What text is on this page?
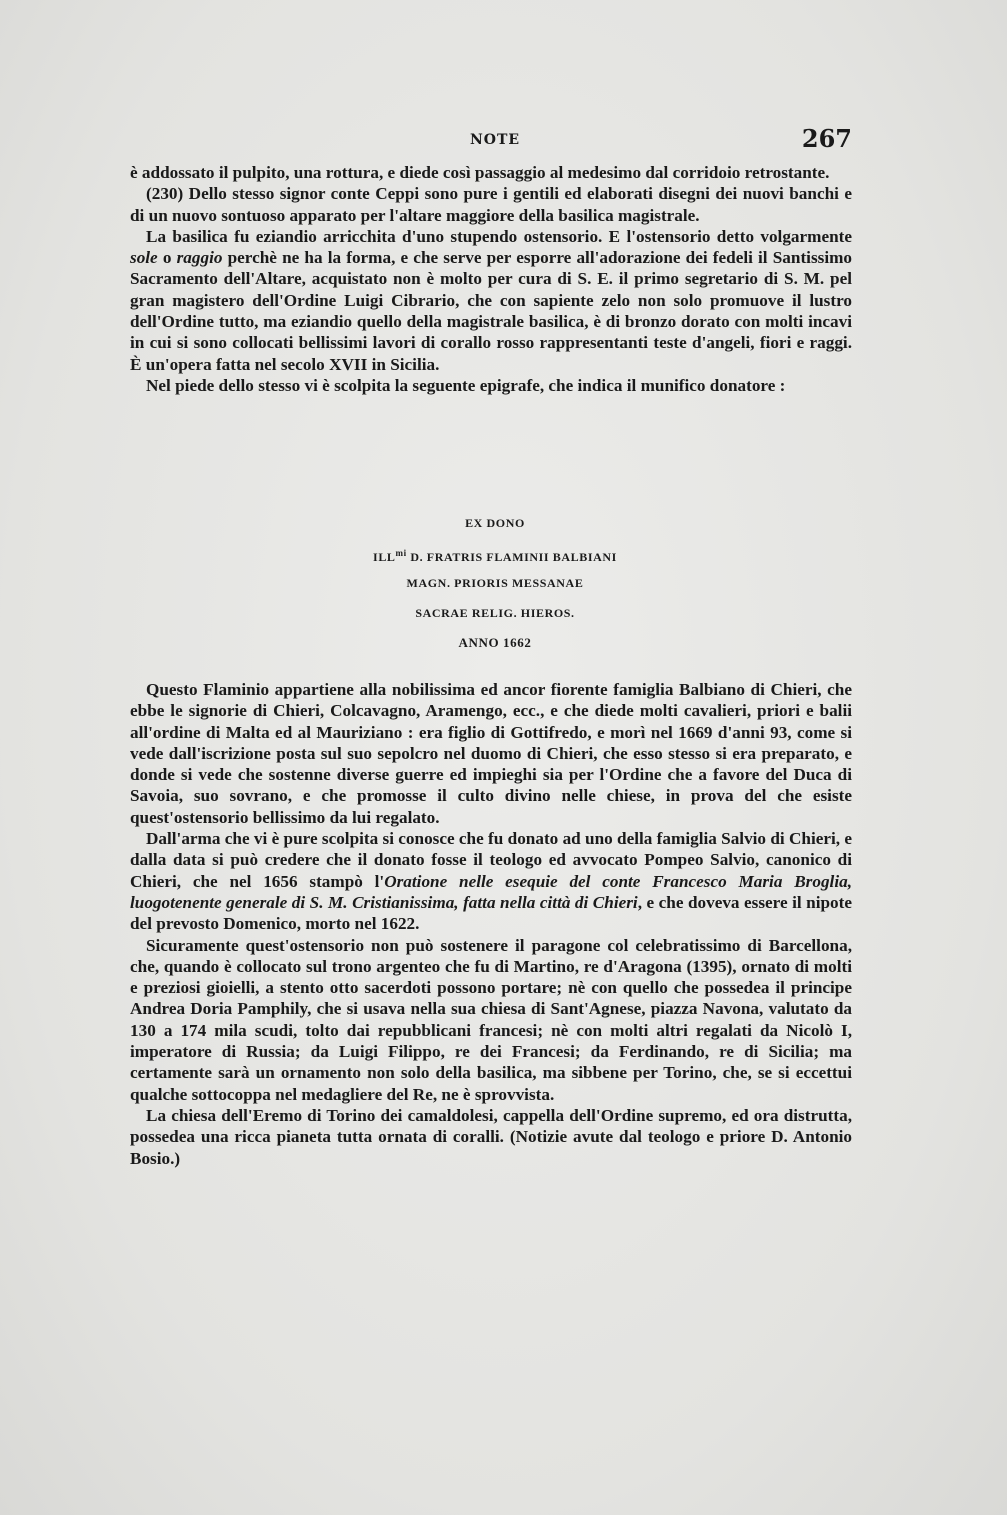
NOTE	267

è addossato il pulpito, una rottura, e diede così passaggio al medesimo dal corridoio retrostante.

(230) Dello stesso signor conte Ceppi sono pure i gentili ed elaborati disegni dei nuovi banchi e di un nuovo sontuoso apparato per l'altare maggiore della basilica magistrale.

La basilica fu eziandio arricchita d'uno stupendo ostensorio. E l'ostensorio detto volgarmente sole o raggio perchè ne ha la forma, e che serve per esporre all'adorazione dei fedeli il Santissimo Sacramento dell'Altare, acquistato non è molto per cura di S. E. il primo segretario di S. M. pel gran magistero dell'Ordine Luigi Cibrario, che con sapiente zelo non solo promuove il lustro dell'Ordine tutto, ma eziandio quello della magistrale basilica, è di bronzo dorato con molti incavi in cui si sono collocati bellissimi lavori di corallo rosso rappresentanti teste d'angeli, fiori e raggi. È un'opera fatta nel secolo XVII in Sicilia.

Nel piede dello stesso vi è scolpita la seguente epigrafe, che indica il munifico donatore :

EX DONO
$ILL^{mi}$ D. FRATRIS FLAMINII BALBIANI
MAGN. PRIORIS MESSANAE
SACRAE RELIG. HIEROS.
ANNO 1662

Questo Flaminio appartiene alla nobilissima ed ancor fiorente famiglia Balbiano di Chieri, che ebbe le signorie di Chieri, Colcavagno, Aramengo, ecc., e che diede molti cavalieri, priori e balii all'ordine di Malta ed al Mauriziano : era figlio di Gottifredo, e morì nel 1669 d'anni 93, come si vede dall'iscrizione posta sul suo sepolcro nel duomo di Chieri, che esso stesso si era preparato, e donde si vede che sostenne diverse guerre ed impieghi sia per l'Ordine che a favore del Duca di Savoia, suo sovrano, e che promosse il culto divino nelle chiese, in prova del che esiste quest'ostensorio bellissimo da lui regalato.

Dall'arma che vi è pure scolpita si conosce che fu donato ad uno della famiglia Salvio di Chieri, e dalla data si può credere che il donato fosse il teologo ed avvocato Pompeo Salvio, canonico di Chieri, che nel 1656 stampò l'Oratione nelle esequie del conte Francesco Maria Broglia, luogotenente generale di S. M. Cristianissima, fatta nella città di Chieri, e che doveva essere il nipote del prevosto Domenico, morto nel 1622.

Sicuramente quest'ostensorio non può sostenere il paragone col celebratissimo di Barcellona, che, quando è collocato sul trono argenteo che fu di Martino, re d'Aragona (1395), ornato di molti e preziosi gioielli, a stento otto sacerdoti possono portare; nè con quello che possedea il principe Andrea Doria Pamphily, che si usava nella sua chiesa di Sant'Agnese, piazza Navona, valutato da 130 a 174 mila scudi, tolto dai repubblicani francesi; nè con molti altri regalati da Nicolò I, imperatore di Russia; da Luigi Filippo, re dei Francesi; da Ferdinando, re di Sicilia; ma certamente sarà un ornamento non solo della basilica, ma sibbene per Torino, che, se si eccettui qualche sottocoppa nel medagliere del Re, ne è sprovvista.

La chiesa dell'Eremo di Torino dei camaldolesi, cappella dell'Ordine supremo, ed ora distrutta, possedea una ricca pianeta tutta ornata di coralli. (Notizie avute dal teologo e priore D. Antonio Bosio.)
